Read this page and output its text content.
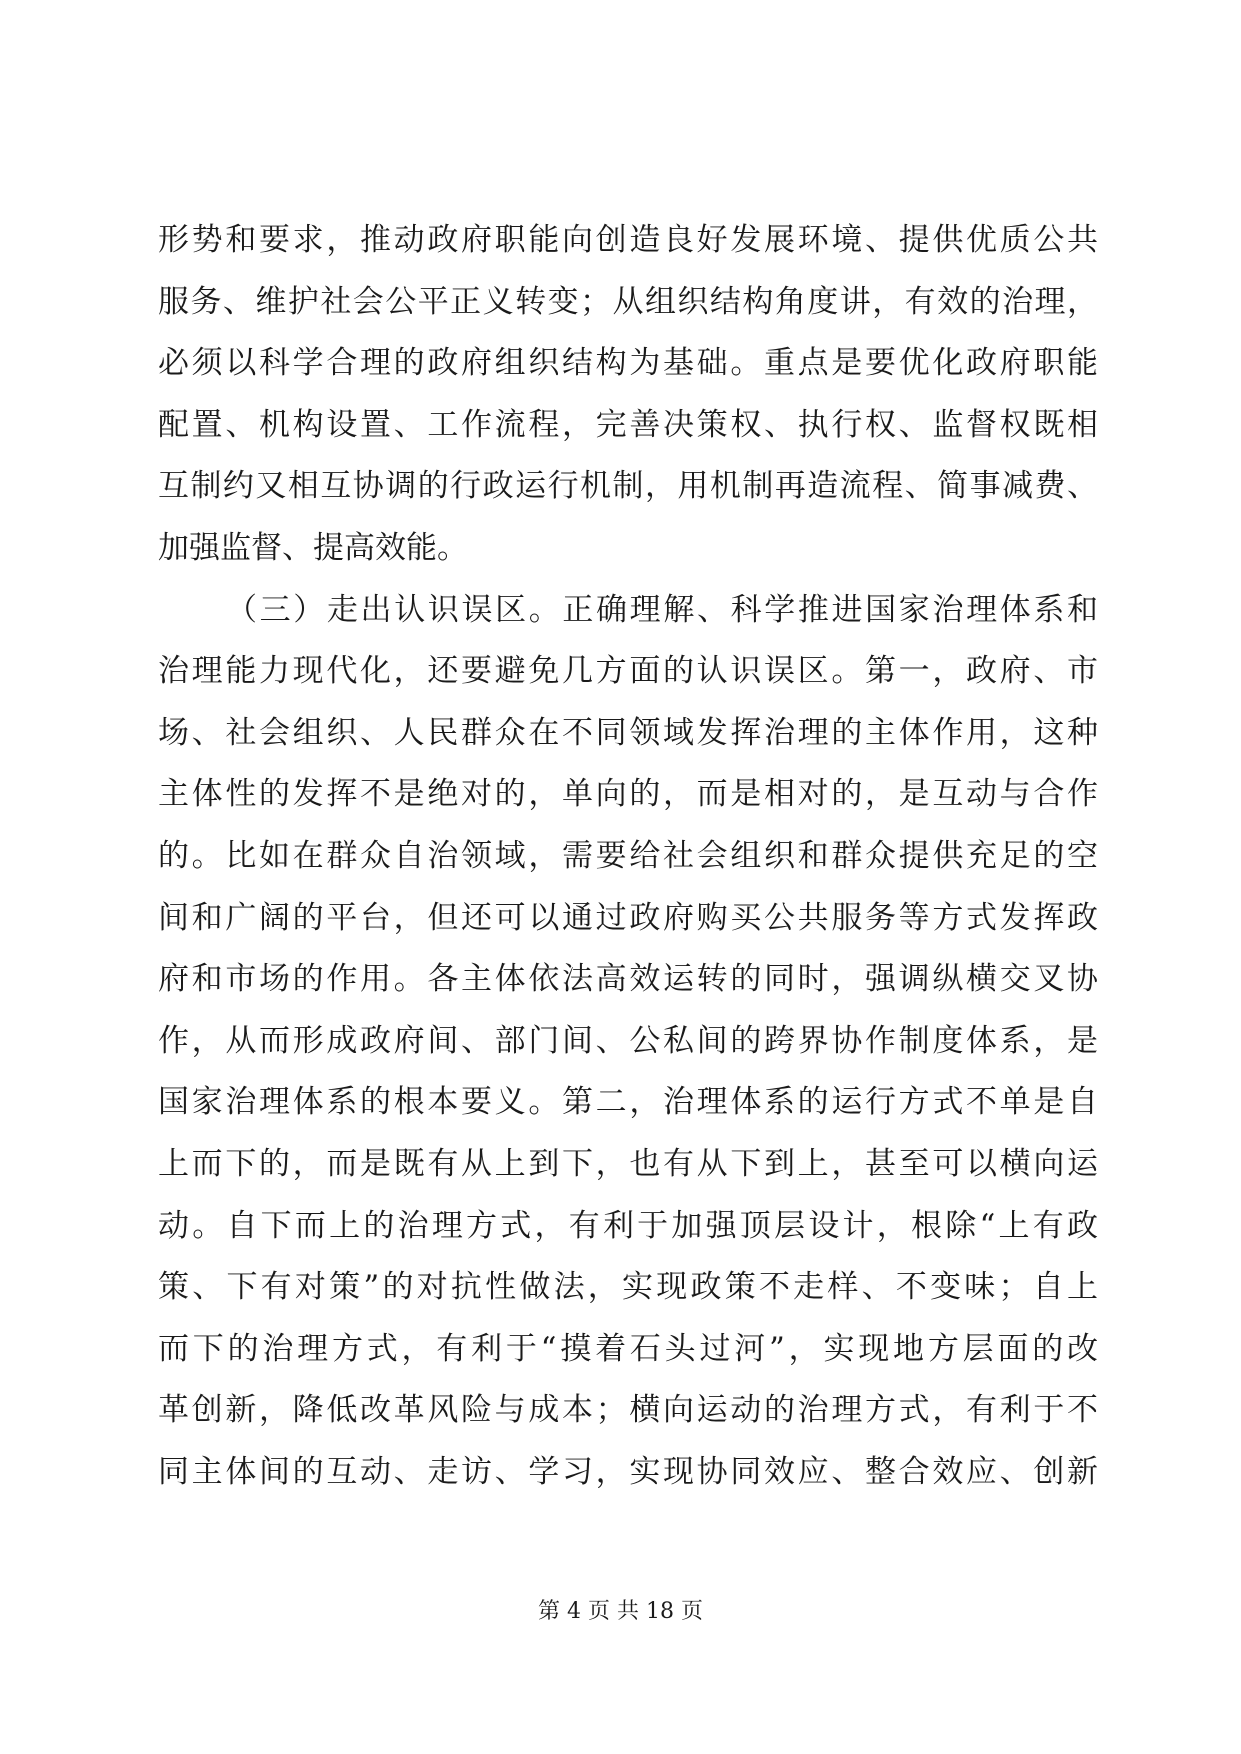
形势和要求，推动政府职能向创造良好发展环境、提供优质公共
服务、维护社会公平正义转变；从组织结构角度讲，有效的治理，
必须以科学合理的政府组织结构为基础。重点是要优化政府职能
配置、机构设置、工作流程，完善决策权、执行权、监督权既相
互制约又相互协调的行政运行机制，用机制再造流程、简事减费、
加强监督、提高效能。
（三）走出认识误区。正确理解、科学推进国家治理体系和
治理能力现代化，还要避免几方面的认识误区。第一，政府、市
场、社会组织、人民群众在不同领域发挥治理的主体作用，这种
主体性的发挥不是绝对的，单向的，而是相对的，是互动与合作
的。比如在群众自治领域，需要给社会组织和群众提供充足的空
间和广阔的平台，但还可以通过政府购买公共服务等方式发挥政
府和市场的作用。各主体依法高效运转的同时，强调纵横交叉协
作，从而形成政府间、部门间、公私间的跨界协作制度体系，是
国家治理体系的根本要义。第二，治理体系的运行方式不单是自
上而下的，而是既有从上到下，也有从下到上，甚至可以横向运
动。自下而上的治理方式，有利于加强顶层设计，根除“上有政
策、下有对策”的对抗性做法，实现政策不走样、不变味；自上
而下的治理方式，有利于“摸着石头过河”，实现地方层面的改
革创新，降低改革风险与成本；横向运动的治理方式，有利于不
同主体间的互动、走访、学习，实现协同效应、整合效应、创新
第 4 页 共 18 页
